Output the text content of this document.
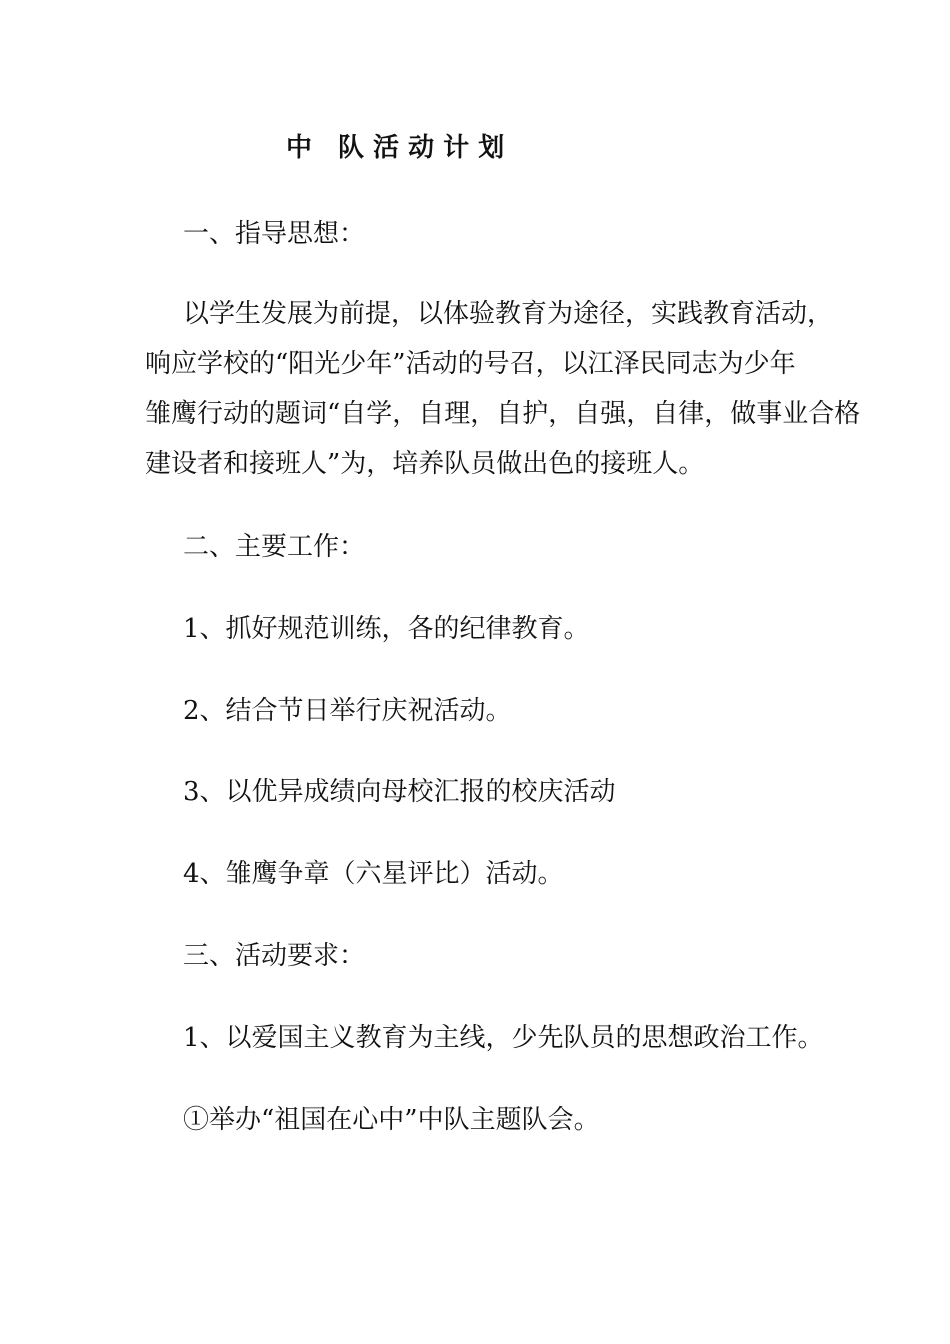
中　队 活 动 计 划
一、指导思想：
以学生发展为前提，以体验教育为途径，实践教育活动，
响应学校的“阳光少年”活动的号召，以江泽民同志为少年
雏鹰行动的题词“自学，自理，自护，自强，自律，做事业合格
建设者和接班人”为，培养队员做出色的接班人。
二、主要工作：
1、抓好规范训练，各的纪律教育。
2、结合节日举行庆祝活动。
3、以优异成绩向母校汇报的校庆活动
4、雏鹰争章（六星评比）活动。
三、活动要求：
1、以爱国主义教育为主线，少先队员的思想政治工作。
①举办“祖国在心中”中队主题队会。
